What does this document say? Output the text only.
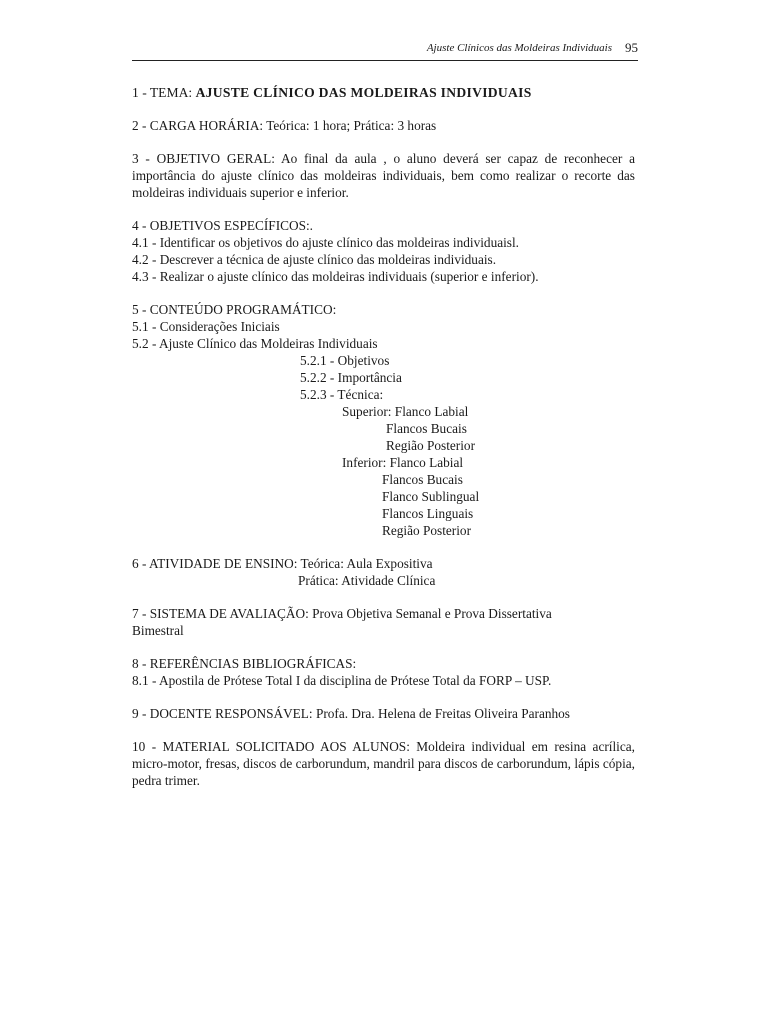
Ajuste Clínicos das Moldeiras Individuais 95
1 - TEMA: AJUSTE CLÍNICO DAS MOLDEIRAS INDIVIDUAIS
2 - CARGA HORÁRIA: Teórica: 1 hora; Prática: 3 horas
3 - OBJETIVO GERAL: Ao final da aula , o aluno deverá ser capaz de reconhecer a importância do ajuste clínico das moldeiras individuais, bem como realizar o recorte das moldeiras individuais superior e inferior.
4 - OBJETIVOS ESPECÍFICOS:.
4.1 - Identificar os objetivos do ajuste clínico das moldeiras individuaisl.
4.2 - Descrever a técnica de ajuste clínico das moldeiras individuais.
4.3 - Realizar o ajuste clínico das moldeiras individuais (superior e inferior).
5 - CONTEÚDO PROGRAMÁTICO:
5.1 - Considerações Iniciais
5.2 - Ajuste Clínico das Moldeiras Individuais
5.2.1 - Objetivos
5.2.2 - Importância
5.2.3 - Técnica:
Superior: Flanco Labial
Flancos Bucais
Região Posterior
Inferior: Flanco Labial
Flancos Bucais
Flanco Sublingual
Flancos Linguais
Região Posterior
6 - ATIVIDADE DE ENSINO: Teórica: Aula Expositiva
Prática: Atividade Clínica
7 - SISTEMA DE AVALIAÇÃO: Prova Objetiva Semanal e Prova Dissertativa Bimestral
8 - REFERÊNCIAS BIBLIOGRÁFICAS:
8.1 - Apostila de Prótese Total I da disciplina de Prótese Total da FORP – USP.
9 - DOCENTE RESPONSÁVEL: Profa. Dra. Helena de Freitas Oliveira Paranhos
10 - MATERIAL SOLICITADO AOS ALUNOS: Moldeira individual em resina acrílica, micro-motor, fresas, discos de carborundum, mandril para discos de carborundum, lápis cópia, pedra trimer.
